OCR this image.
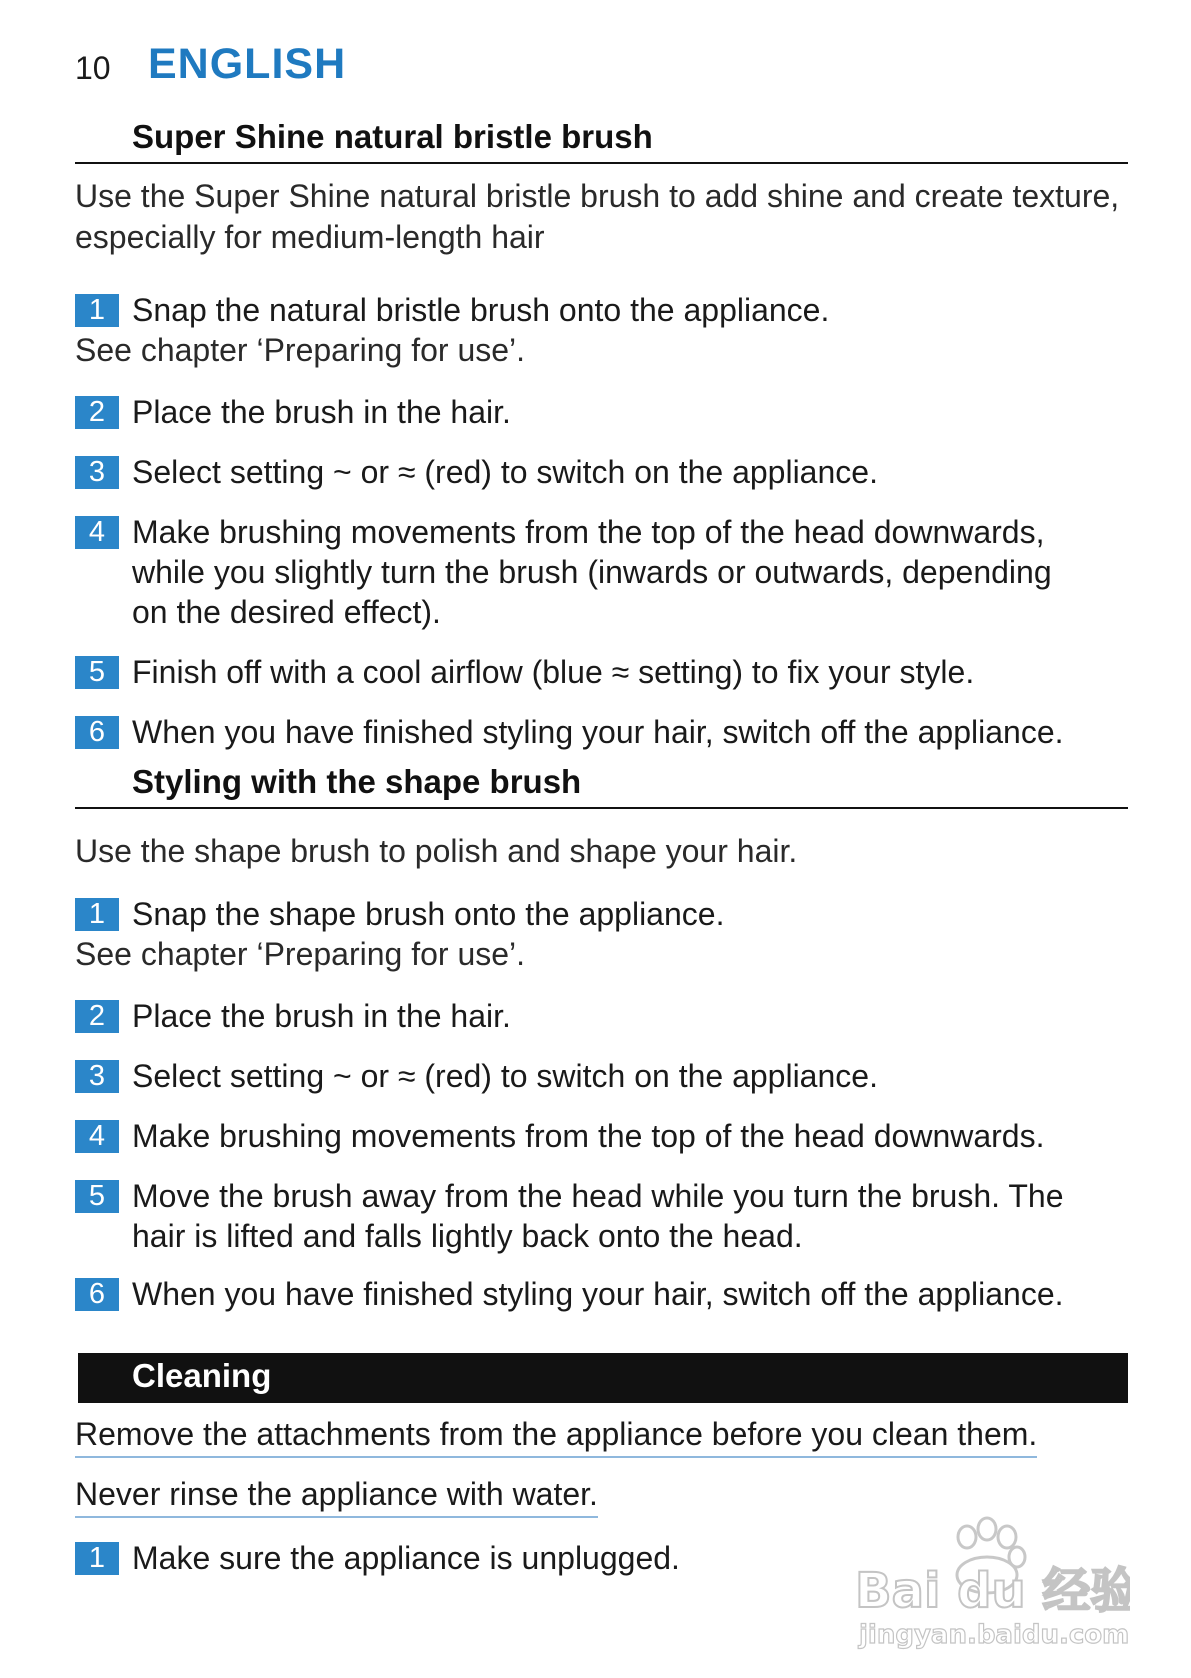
10 ENGLISH
Super Shine natural bristle brush
Use the Super Shine natural bristle brush to add shine and create texture,
especially for medium-length hair
1 Snap the natural bristle brush onto the appliance.
See chapter ‘Preparing for use’.
2 Place the brush in the hair.
3 Select setting ~ or ≈ (red) to switch on the appliance.
4 Make brushing movements from the top of the head downwards,
while you slightly turn the brush (inwards or outwards, depending
on the desired effect).
5 Finish off with a cool airflow (blue ≈ setting) to fix your style.
6 When you have finished styling your hair, switch off the appliance.
Styling with the shape brush
Use the shape brush to polish and shape your hair.
1 Snap the shape brush onto the appliance.
See chapter ‘Preparing for use’.
2 Place the brush in the hair.
3 Select setting ~ or ≈ (red) to switch on the appliance.
4 Make brushing movements from the top of the head downwards.
5 Move the brush away from the head while you turn the brush. The
hair is lifted and falls lightly back onto the head.
6 When you have finished styling your hair, switch off the appliance.
Cleaning
Remove the attachments from the appliance before you clean them.
Never rinse the appliance with water.
1 Make sure the appliance is unplugged.
Bai du 经验
jingyan.baidu.com
